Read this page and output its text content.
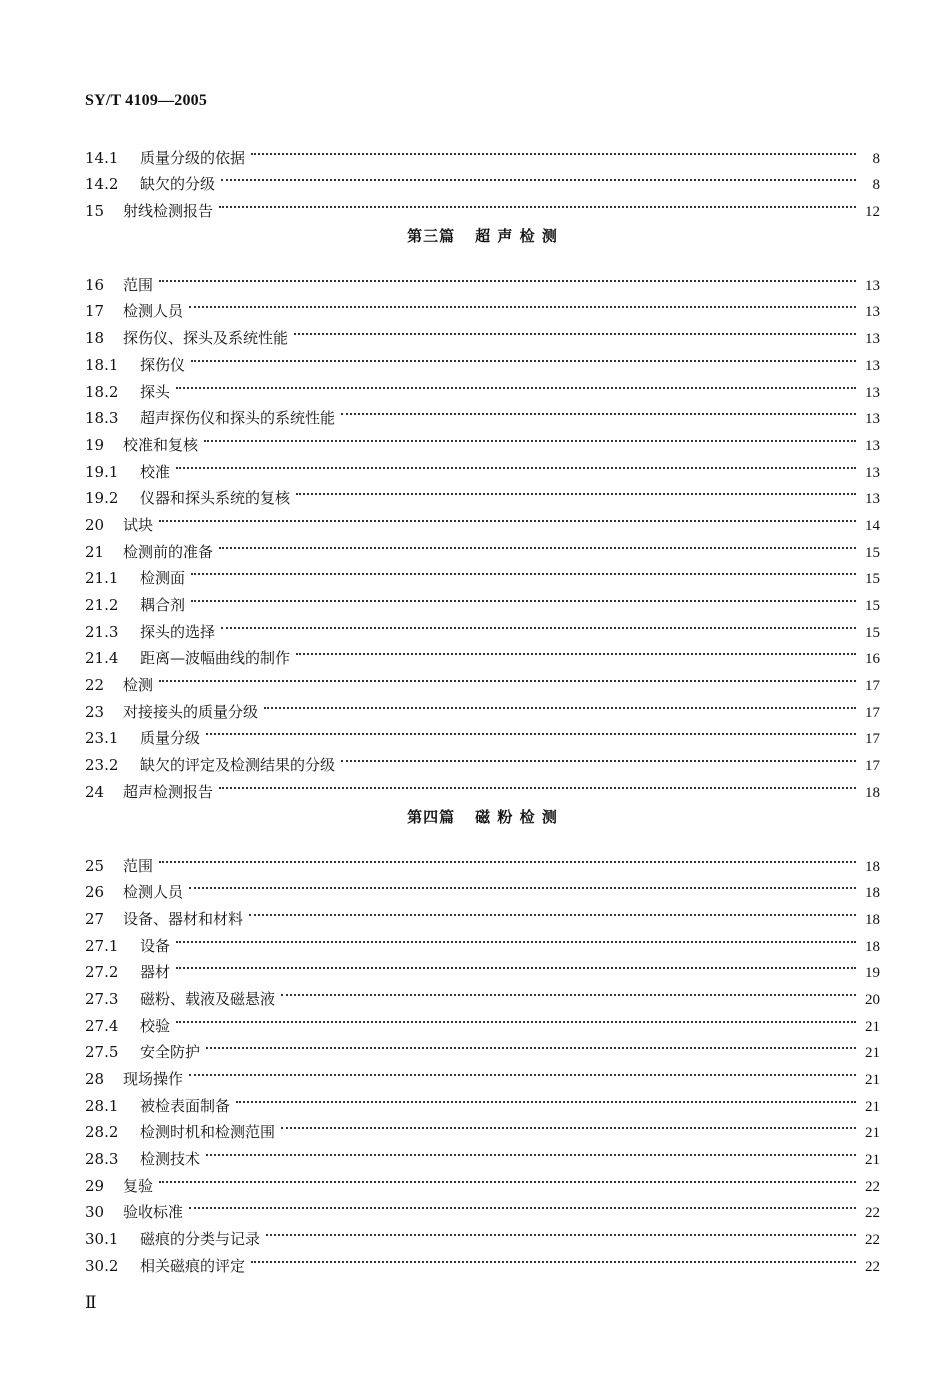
SY/T 4109—2005
14.1	质量分级的依据	8
14.2	缺欠的分级	8
15	射线检测报告	12
第三篇 超 声 检 测
16	范围	13
17	检测人员	13
18	探伤仪、探头及系统性能	13
18.1	探伤仪	13
18.2	探头	13
18.3	超声探伤仪和探头的系统性能	13
19	校准和复核	13
19.1	校准	13
19.2	仪器和探头系统的复核	13
20	试块	14
21	检测前的准备	15
21.1	检测面	15
21.2	耦合剂	15
21.3	探头的选择	15
21.4	距离—波幅曲线的制作	16
22	检测	17
23	对接接头的质量分级	17
23.1	质量分级	17
23.2	缺欠的评定及检测结果的分级	17
24	超声检测报告	18
第四篇 磁 粉 检 测
25	范围	18
26	检测人员	18
27	设备、器材和材料	18
27.1	设备	18
27.2	器材	19
27.3	磁粉、载液及磁悬液	20
27.4	校验	21
27.5	安全防护	21
28	现场操作	21
28.1	被检表面制备	21
28.2	检测时机和检测范围	21
28.3	检测技术	21
29	复验	22
30	验收标准	22
30.1	磁痕的分类与记录	22
30.2	相关磁痕的评定	22
Ⅱ
